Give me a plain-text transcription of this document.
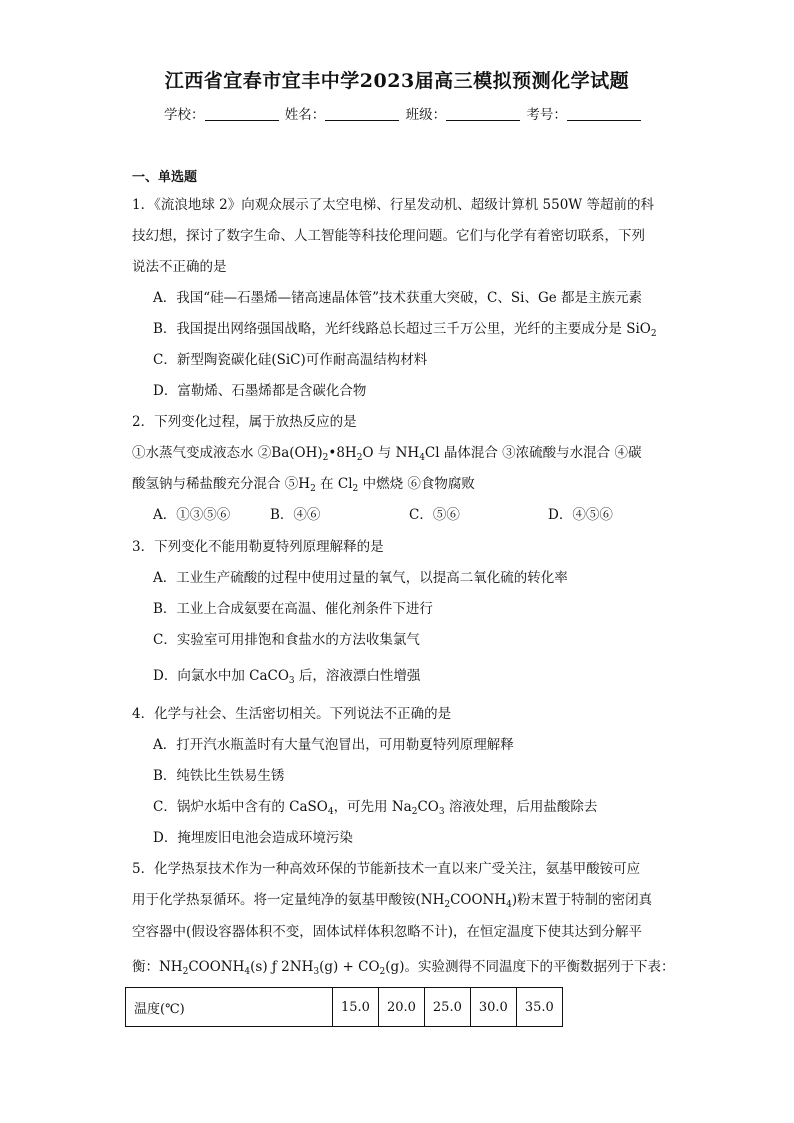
江西省宜春市宜丰中学2023届高三模拟预测化学试题
学校：	姓名：	班级：	考号：
一、单选题
1．《流浪地球 2》向观众展示了太空电梯、行星发动机、超级计算机 550W 等超前的科
技幻想，探讨了数字生命、人工智能等科技伦理问题。它们与化学有着密切联系，下列
说法不正确的是
A．我国“硅—石墨烯—锗高速晶体管”技术获重大突破，C、Si、Ge 都是主族元素
B．我国提出网络强国战略，光纤线路总长超过三千万公里，光纤的主要成分是 SiO$_2$
C．新型陶瓷碳化硅(SiC)可作耐高温结构材料
D．富勒烯、石墨烯都是含碳化合物
2．下列变化过程，属于放热反应的是
①水蒸气变成液态水 $②Ba(OH)_2•8H_2O$ 与 $NH_4Cl$ 晶体混合 ③浓硫酸与水混合 ④碳
酸氢钠与稀盐酸充分混合 $⑤H_2$ 在 $Cl_2$ 中燃烧 ⑥食物腐败
A．①③⑤⑥	B．④⑥	C．⑤⑥	D．④⑤⑥
3．下列变化不能用勒夏特列原理解释的是
A．工业生产硫酸的过程中使用过量的氧气，以提高二氧化硫的转化率
B．工业上合成氨要在高温、催化剂条件下进行
C．实验室可用排饱和食盐水的方法收集氯气
D．向氯水中加 CaCO$_3$ 后，溶液漂白性增强
4．化学与社会、生活密切相关。下列说法不正确的是
A．打开汽水瓶盖时有大量气泡冒出，可用勒夏特列原理解释
B．纯铁比生铁易生锈
C．锅炉水垢中含有的 CaSO$_4$，可先用 $Na_2CO_3$ 溶液处理，后用盐酸除去
D．掩埋废旧电池会造成环境污染
5．化学热泵技术作为一种高效环保的节能新技术一直以来广受关注，氨基甲酸铵可应
用于化学热泵循环。将一定量纯净的氨基甲酸铵$(NH_2COONH_4)$粉末置于特制的密闭真
空容器中(假设容器体积不变，固体试样体积忽略不计)，在恒定温度下使其达到分解平
衡：$NH_2COONH_4(s)$ ƒ $2NH_3(g) + CO_2(g)$。实验测得不同温度下的平衡数据列于下表：
温度(℃)	15.0	20.0	25.0	30.0	35.0
